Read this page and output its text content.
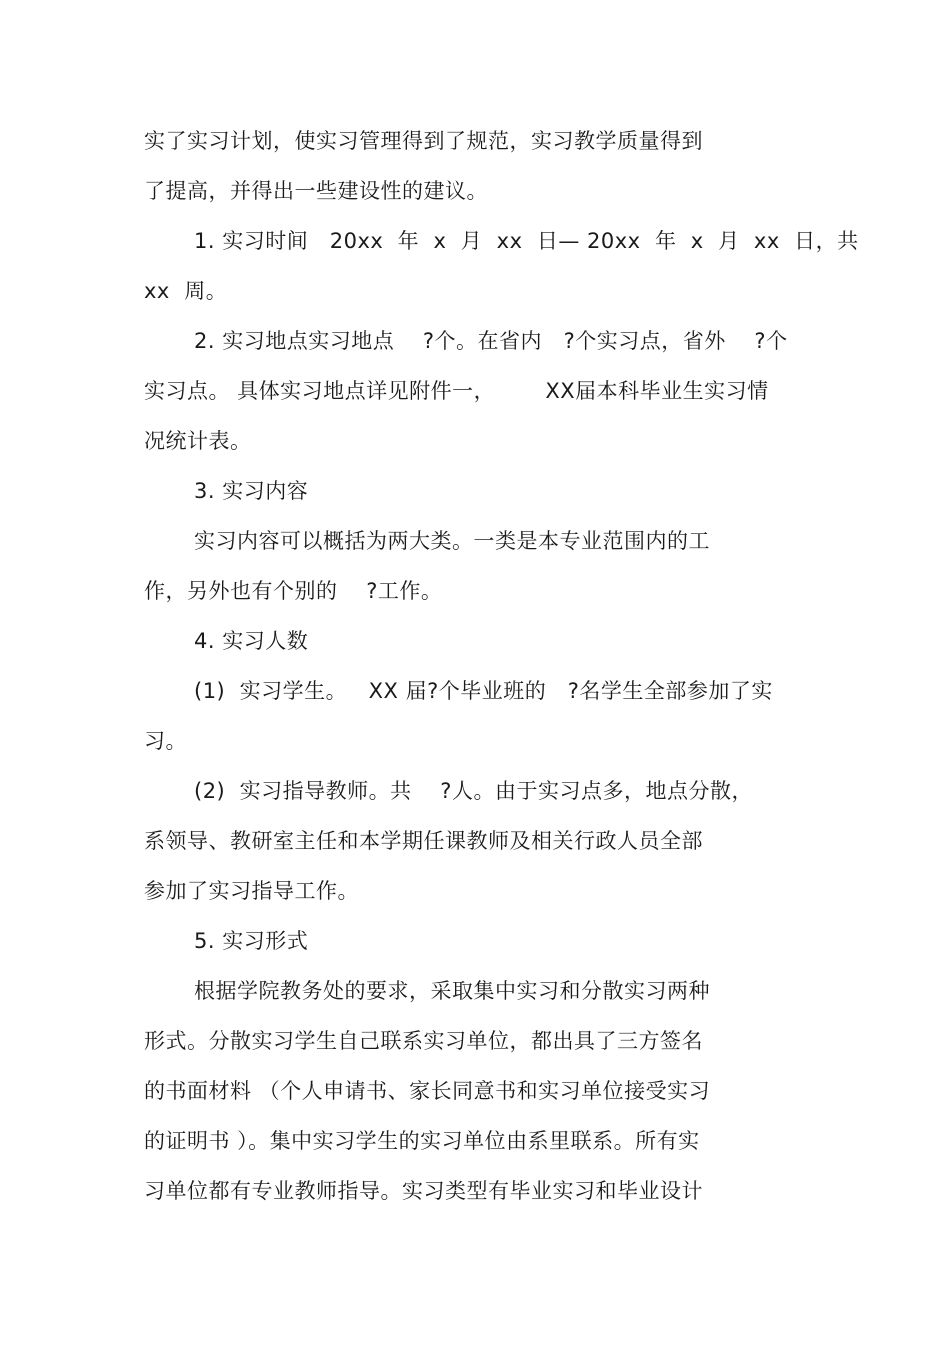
实了实习计划，使实习管理得到了规范，实习教学质量得到
了提高，并得出一些建设性的建议。
1. 实习时间   20xx  年  x  月  xx  日— 20xx  年  x  月  xx  日，共
xx  周。
2. 实习地点实习地点    ?个。在省内   ?个实习点，省外    ?个
实习点。 具体实习地点详见附件一，       XX届本科毕业生实习情
况统计表。
3. 实习内容
实习内容可以概括为两大类。一类是本专业范围内的工
作，另外也有个别的    ?工作。
4. 实习人数
(1)  实习学生。   XX 届?个毕业班的   ?名学生全部参加了实
习。
(2)  实习指导教师。共    ?人。由于实习点多，地点分散，
系领导、教研室主任和本学期任课教师及相关行政人员全部
参加了实习指导工作。
5. 实习形式
根据学院教务处的要求，采取集中实习和分散实习两种
形式。分散实习学生自己联系实习单位，都出具了三方签名
的书面材料 （个人申请书、家长同意书和实习单位接受实习
的证明书 ）。集中实习学生的实习单位由系里联系。所有实
习单位都有专业教师指导。实习类型有毕业实习和毕业设计
